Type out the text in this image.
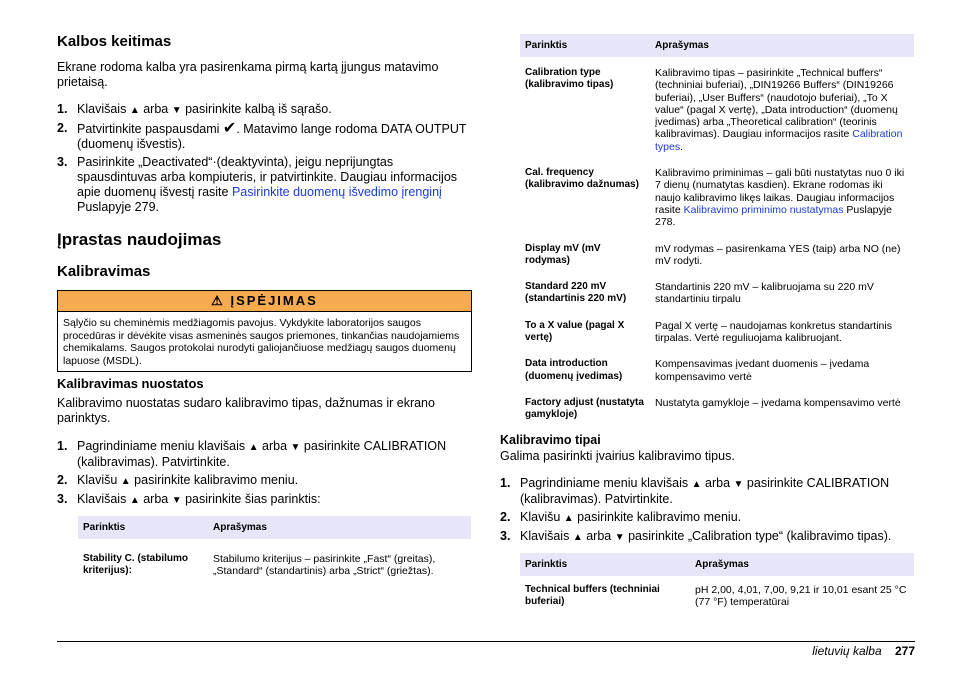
Kalbos keitimas

Ekrane rodoma kalba yra pasirenkama pirmą kartą įjungus matavimo prietaisą.

1. Klavišais ▲ arba ▼ pasirinkite kalbą iš sąrašo.
2. Patvirtinkite paspausdami ✔. Matavimo lange rodoma DATA OUTPUT (duomenų išvestis).
3. Pasirinkite „Deactivated“·(deaktyvinta), jeigu neprijungtas spausdintuvas arba kompiuteris, ir patvirtinkite. Daugiau informacijos apie duomenų išvestį rasite Pasirinkite duomenų išvedimo įrenginį Puslapyje 279.
Įprastas naudojimas
Kalibravimas
⚠ ĮSPĖJIMAS
Sąlyčio su cheminėmis medžiagomis pavojus. Vykdykite laboratorijos saugos procedūras ir dėvėkite visas asmeninės saugos priemones, tinkančias naudojamiems chemikalams. Saugos protokolai nurodyti galiojančiuose medžiagų saugos duomenų lapuose (MSDL).
Kalibravimas nuostatos

Kalibravimo nuostatas sudaro kalibravimo tipas, dažnumas ir ekrano parinktys.

1. Pagrindiniame meniu klavišais ▲ arba ▼ pasirinkite CALIBRATION (kalibravimas). Patvirtinkite.
2. Klavišu ▲ pasirinkite kalibravimo meniu.
3. Klavišais ▲ arba ▼ pasirinkite šias parinktis:
Parinktis	Aprašymas
Stability C. (stabilumo kriterijus):	Stabilumo kriterijus – pasirinkite „Fast“ (greitas), „Standard“ (standartinis) arba „Strict“ (griežtas).
Parinktis	Aprašymas
Calibration type (kalibravimo tipas)	Kalibravimo tipas – pasirinkite „Technical buffers“ (techniniai buferiai), „DIN19266 Buffers“ (DIN19266 buferiai), „User Buffers“ (naudotojo buferiai), „To X value“ (pagal X vertę), „Data introduction“ (duomenų įvedimas) arba „Theoretical calibration“ (teorinis kalibravimas). Daugiau informacijos rasite Calibration types.
Cal. frequency (kalibravimo dažnumas)	Kalibravimo priminimas – gali būti nustatytas nuo 0 iki 7 dienų (numatytas kasdien). Ekrane rodomas iki naujo kalibravimo likęs laikas. Daugiau informacijos rasite Kalibravimo priminimo nustatymas Puslapyje 278.
Display mV (mV rodymas)	mV rodymas – pasirenkama YES (taip) arba NO (ne) mV rodyti.
Standard 220 mV (standartinis 220 mV)	Standartinis 220 mV – kalibruojama su 220 mV standartiniu tirpalu
To a X value (pagal X vertę)	Pagal X vertę – naudojamas konkretus standartinis tirpalas. Vertė reguliuojama kalibruojant.
Data introduction (duomenų įvedimas)	Kompensavimas įvedant duomenis – įvedama kompensavimo vertė
Factory adjust (nustatyta gamykloje)	Nustatyta gamykloje – įvedama kompensavimo vertė
Kalibravimo tipai

Galima pasirinkti įvairius kalibravimo tipus.

1. Pagrindiniame meniu klavišais ▲ arba ▼ pasirinkite CALIBRATION (kalibravimas). Patvirtinkite.
2. Klavišu ▲ pasirinkite kalibravimo meniu.
3. Klavišais ▲ arba ▼ pasirinkite „Calibration type“ (kalibravimo tipas).
Parinktis	Aprašymas
Technical buffers (techniniai buferiai)	pH 2,00, 4,01, 7,00, 9,21 ir 10,01 esant 25 °C (77 °F) temperatūrai
lietuvių kalba 277
